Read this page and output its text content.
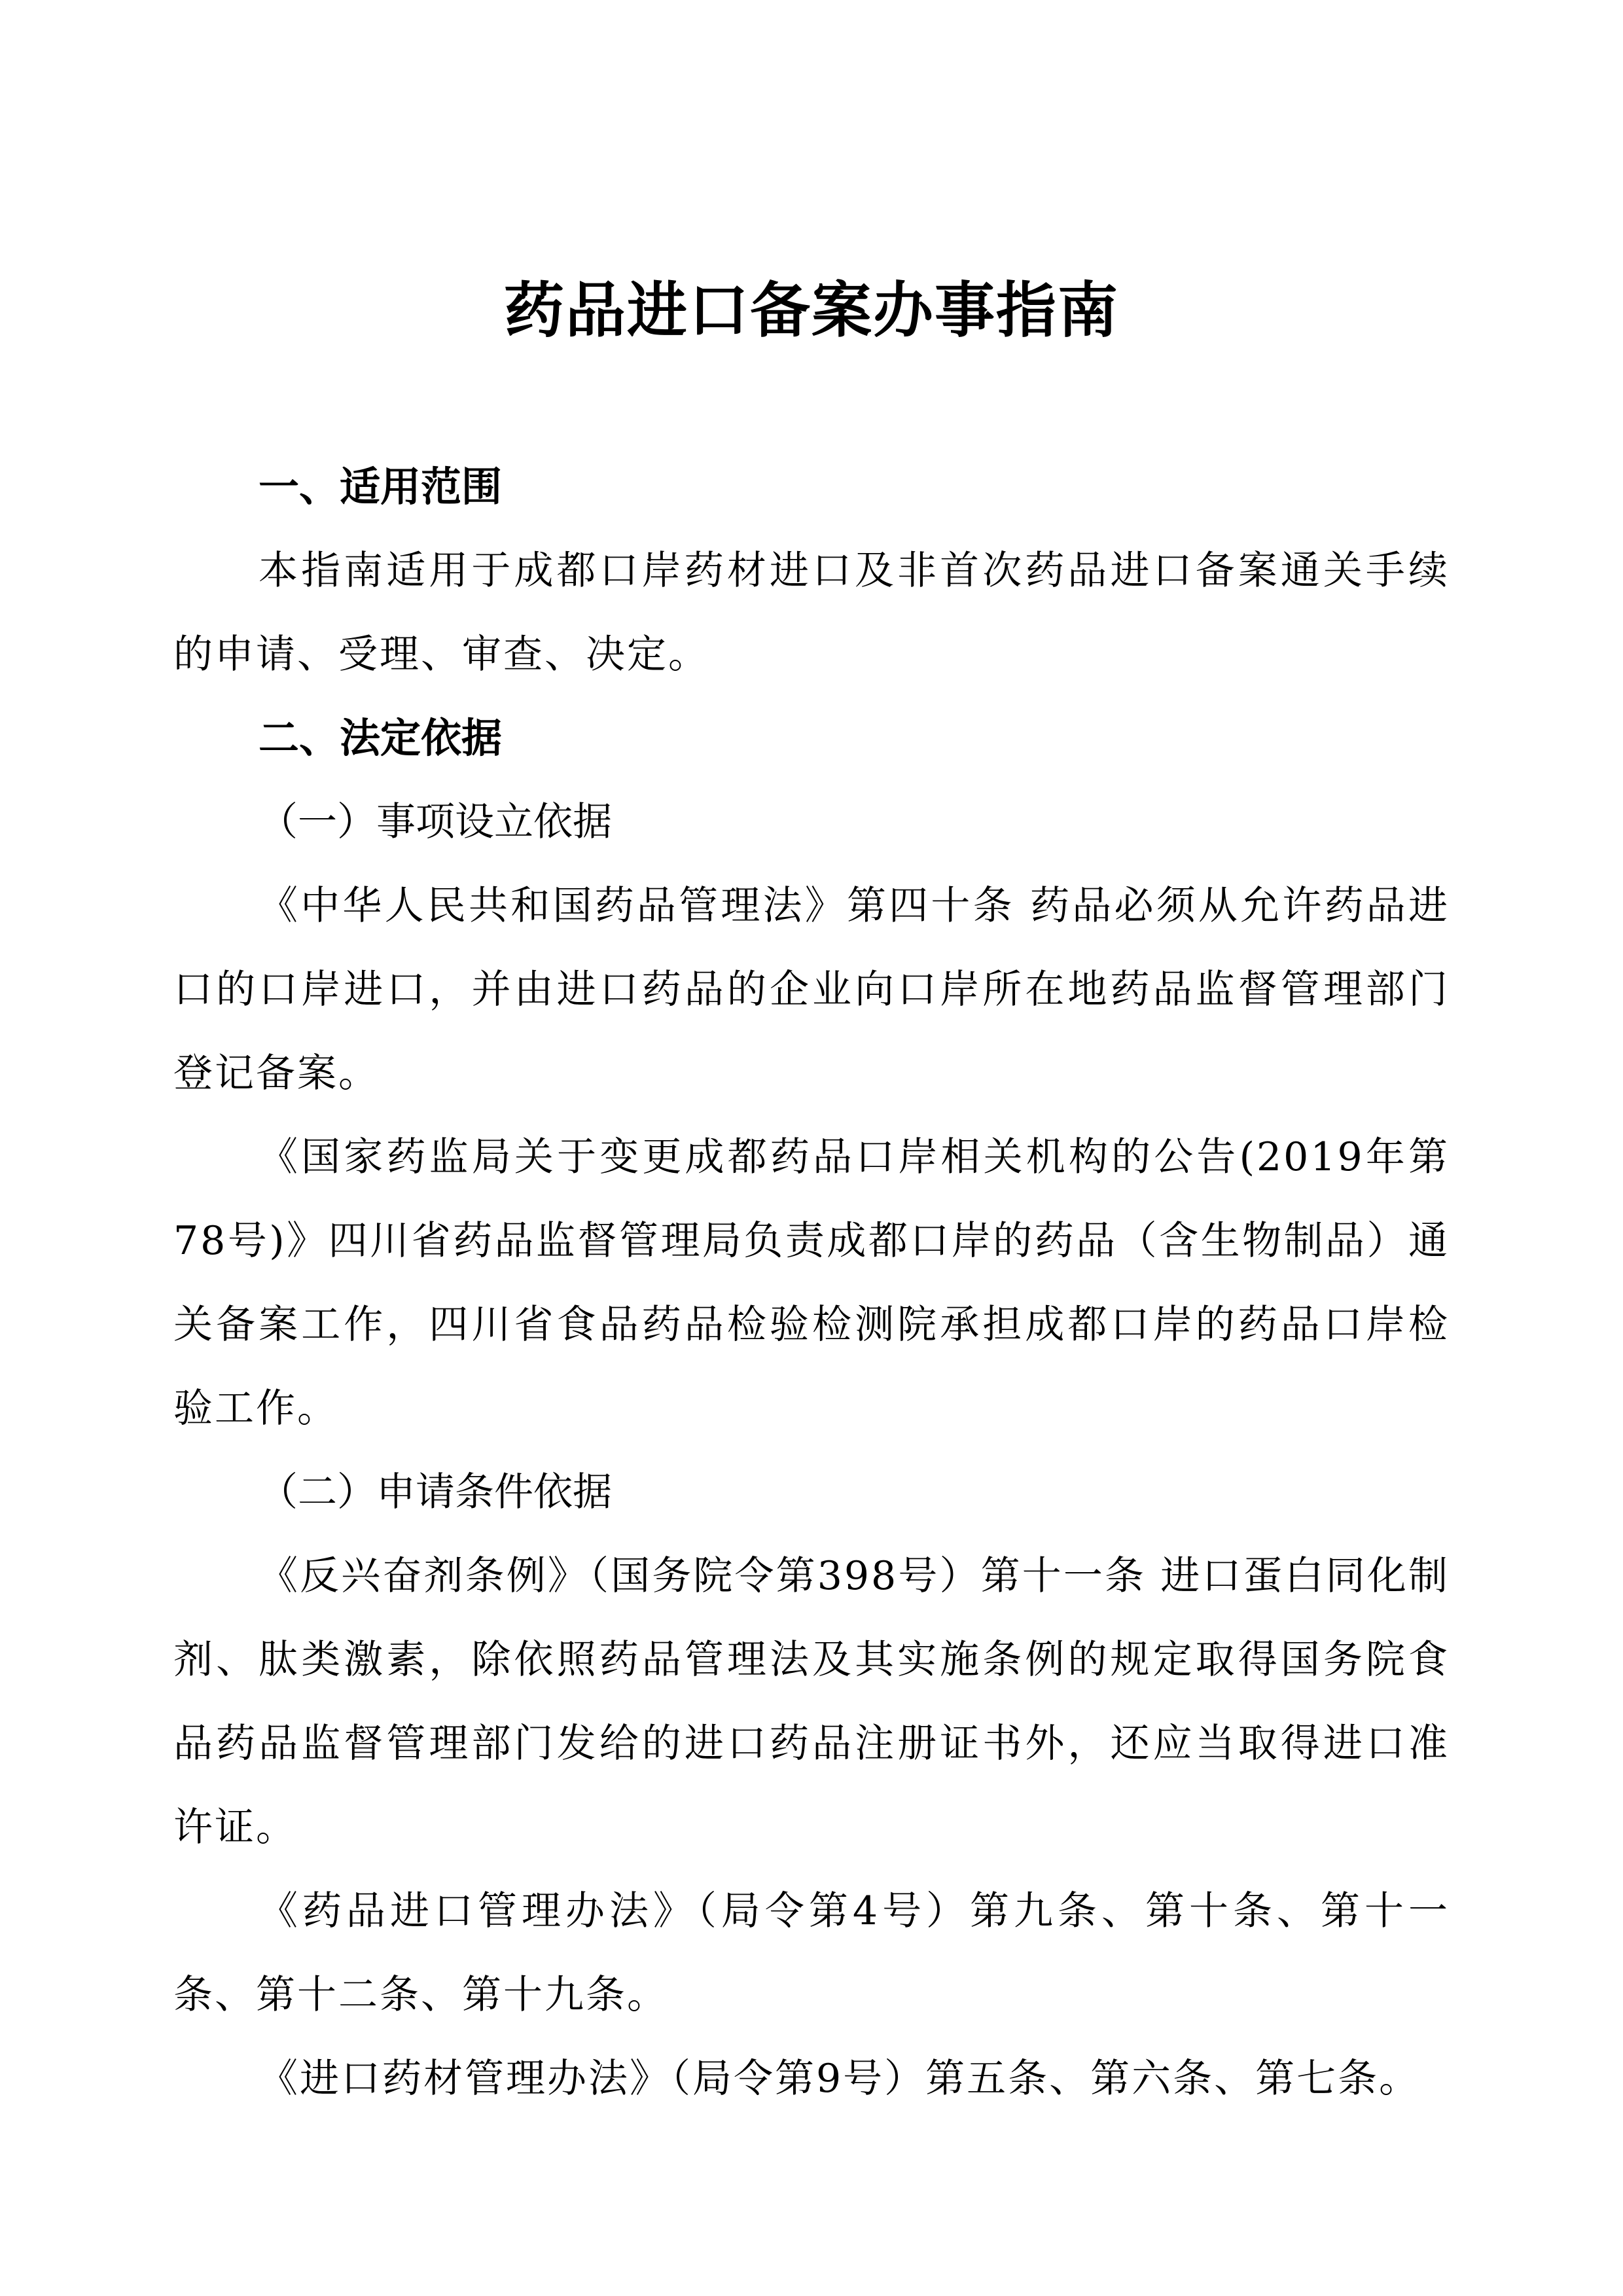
药品进口备案办事指南
一、适用范围

本指南适用于成都口岸药材进口及非首次药品进口备案通关手续的申请、受理、审查、决定。

二、法定依据
（一）事项设立依据

《中华人民共和国药品管理法》第四十条 药品必须从允许药品进口的口岸进口，并由进口药品的企业向口岸所在地药品监督管理部门登记备案。

《国家药监局关于变更成都药品口岸相关机构的公告(2019年第78号)》四川省药品监督管理局负责成都口岸的药品（含生物制品）通关备案工作，四川省食品药品检验检测院承担成都口岸的药品口岸检验工作。

（二）申请条件依据

《反兴奋剂条例》（国务院令第398号）第十一条 进口蛋白同化制剂、肽类激素，除依照药品管理法及其实施条例的规定取得国务院食品药品监督管理部门发给的进口药品注册证书外，还应当取得进口准许证。

《药品进口管理办法》（局令第4号）第九条、第十条、第十一条、第十二条、第十九条。

《进口药材管理办法》（局令第9号）第五条、第六条、第七条。
